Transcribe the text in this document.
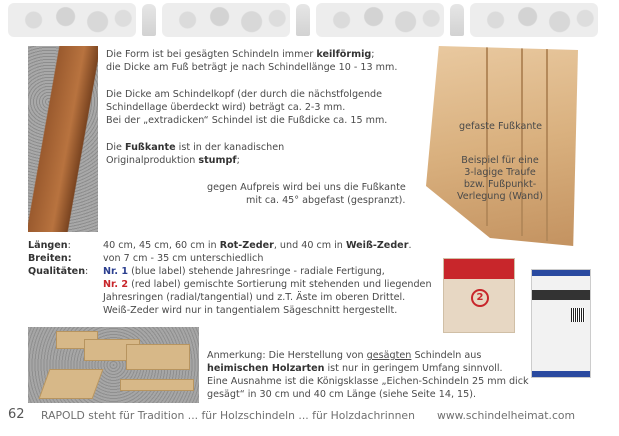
Die Form ist bei gesägten Schindeln immer keilförmig;
die Dicke am Fuß beträgt je nach Schindellänge 10 - 13 mm.
Die Dicke am Schindelkopf (der durch die nächstfolgende
Schindellage überdeckt wird) beträgt ca. 2-3 mm.
Bei der „extradicken“ Schindel ist die Fußdicke ca. 15 mm.
Die Fußkante ist in der kanadischen
Originalproduktion stumpf;
gegen Aufpreis wird bei uns die Fußkante
mit ca. 45° abgefast (gespranzt).
gefaste Fußkante
Beispiel für eine
3-lagige Traufe
bzw. Fußpunkt-
Verlegung (Wand)
Längen:	40 cm, 45 cm, 60 cm in Rot-Zeder, und 40 cm in Weiß-Zeder.
Breiten:	von 7 cm - 35 cm unterschiedlich
Qualitäten: Nr. 1 (blue label) stehende Jahresringe - radiale Fertigung,
Nr. 2 (red label) gemischte Sortierung mit stehenden und liegenden
Jahresringen (radial/tangential) und z.T. Äste im oberen Drittel.
Weiß-Zeder wird nur in tangentialem Sägeschnitt hergestellt.
2
Anmerkung: Die Herstellung von gesägten Schindeln aus
heimischen Holzarten ist nur in geringem Umfang sinnvoll.
Eine Ausnahme ist die Königsklasse „Eichen-Schindeln 25 mm dick
gesägt“ in 30 cm und 40 cm Länge (siehe Seite 14, 15).
62 RAPOLD steht für Tradition ... für Holzschindeln ... für Holzdachrinnen www.schindelheimat.com
